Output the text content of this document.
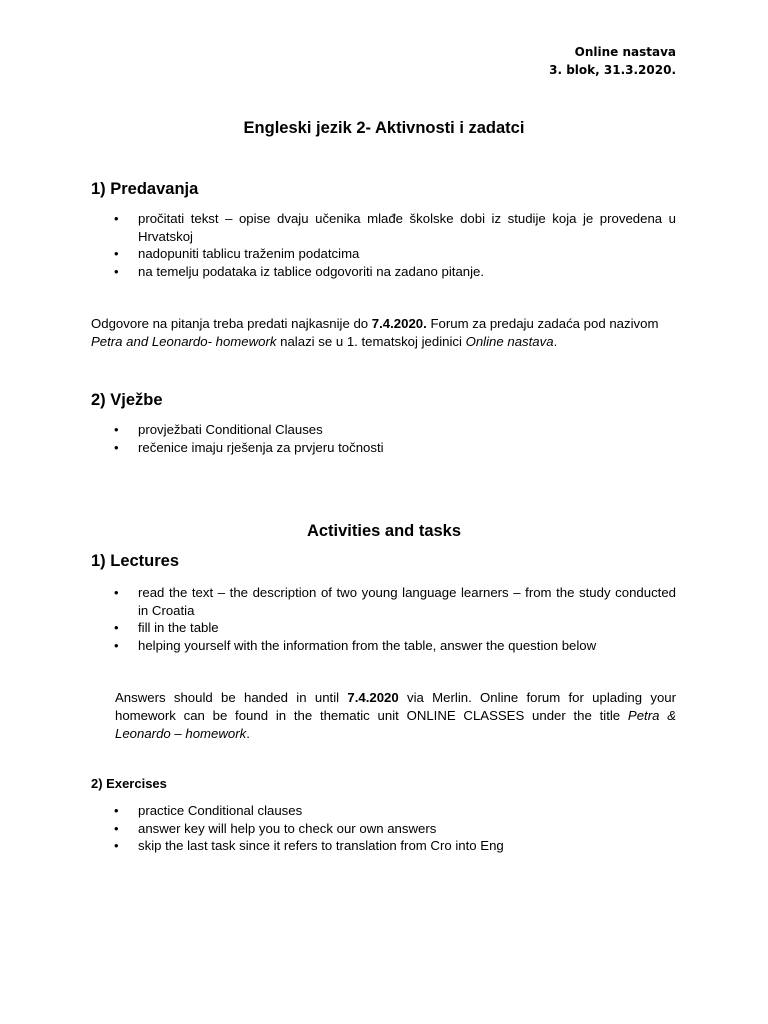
Online nastava
3. blok, 31.3.2020.
Engleski jezik 2- Aktivnosti i zadatci
1) Predavanja
• pročitati tekst – opise dvaju učenika mlađe školske dobi iz studije koja je provedena u Hrvatskoj
• nadopuniti tablicu traženim podatcima
• na temelju podataka iz tablice odgovoriti na zadano pitanje.
Odgovore na pitanja treba predati najkasnije do 7.4.2020. Forum za predaju zadaća pod nazivom Petra and Leonardo- homework nalazi se u 1. tematskoj jedinici Online nastava.
2) Vježbe
• provježbati Conditional Clauses
• rečenice imaju rješenja za prvjeru točnosti
Activities and tasks
1) Lectures
• read the text – the description of two young language learners – from the study conducted in Croatia
• fill in the table
• helping yourself with the information from the table, answer the question below
Answers should be handed in until 7.4.2020 via Merlin. Online forum for uplading your homework can be found in the thematic unit ONLINE CLASSES under the title Petra & Leonardo – homework.
2) Exercises
• practice Conditional clauses
• answer key will help you to check our own answers
• skip the last task since it refers to translation from Cro into Eng
